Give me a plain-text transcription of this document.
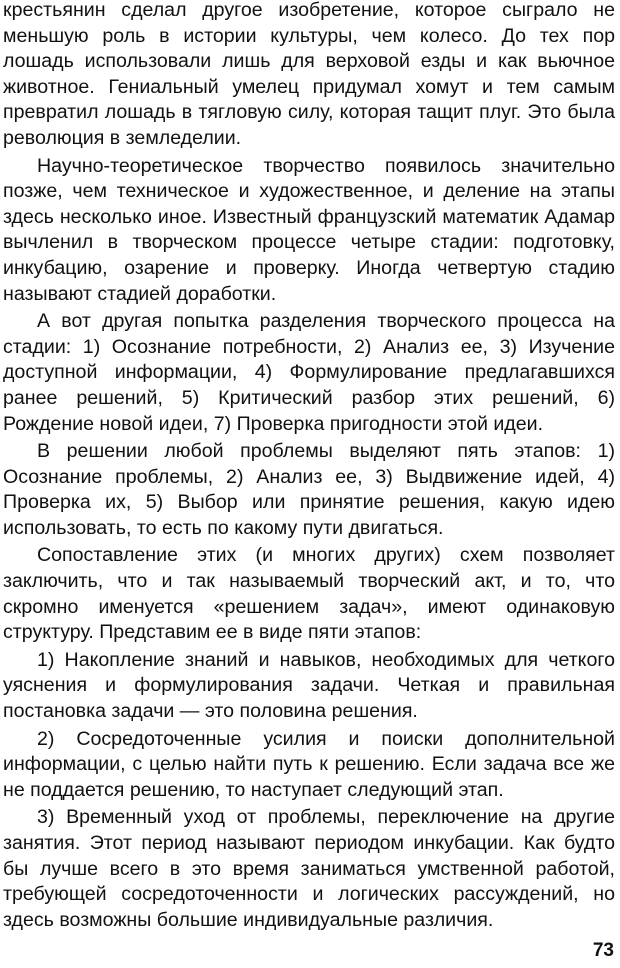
крестьянин сделал другое изобретение, которое сыграло не меньшую роль в истории культуры, чем колесо. До тех пор лошадь использовали лишь для верховой езды и как вьючное животное. Гениальный умелец придумал хомут и тем самым превратил лошадь в тягловую силу, которая тащит плуг. Это была революция в земледелии.

Научно-теоретическое творчество появилось значительно позже, чем техническое и художественное, и деление на этапы здесь несколько иное. Известный французский математик Адамар вычленил в творческом процессе четыре стадии: подготовку, инкубацию, озарение и проверку. Иногда четвертую стадию называют стадией доработки.

А вот другая попытка разделения творческого процесса на стадии: 1) Осознание потребности, 2) Анализ ее, 3) Изучение доступной информации, 4) Формулирование предлагавшихся ранее решений, 5) Критический разбор этих решений, 6) Рождение новой идеи, 7) Проверка пригодности этой идеи.

В решении любой проблемы выделяют пять этапов: 1) Осознание проблемы, 2) Анализ ее, 3) Выдвижение идей, 4) Проверка их, 5) Выбор или принятие решения, какую идею использовать, то есть по какому пути двигаться.

Сопоставление этих (и многих других) схем позволяет заключить, что и так называемый творческий акт, и то, что скромно именуется «решением задач», имеют одинаковую структуру. Представим ее в виде пяти этапов:

1) Накопление знаний и навыков, необходимых для четкого уяснения и формулирования задачи. Четкая и правильная постановка задачи — это половина решения.

2) Сосредоточенные усилия и поиски дополнительной информации, с целью найти путь к решению. Если задача все же не поддается решению, то наступает следующий этап.

3) Временный уход от проблемы, переключение на другие занятия. Этот период называют периодом инкубации. Как будто бы лучше всего в это время заниматься умственной работой, требующей сосредоточенности и логических рассуждений, но здесь возможны большие индивидуальные различия.

73
